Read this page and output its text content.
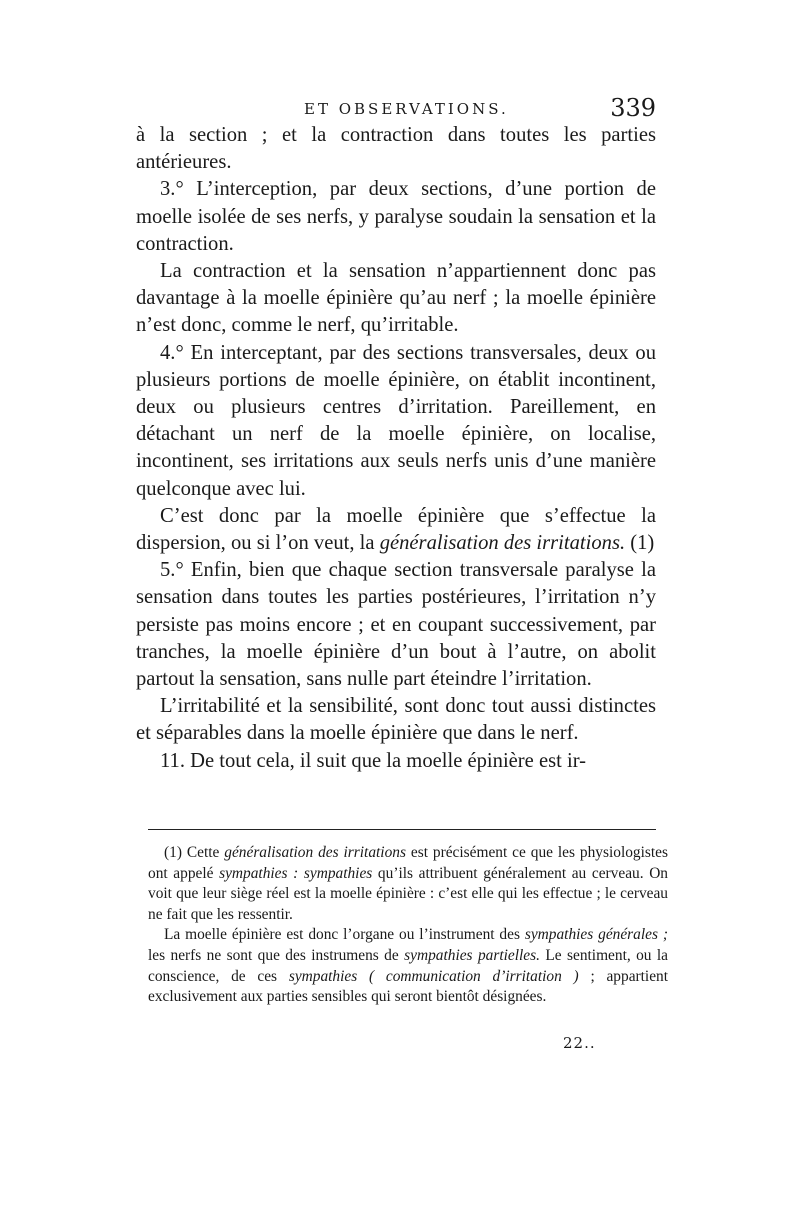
ET OBSERVATIONS.	339

à la section ; et la contraction dans toutes les parties antérieures.

3.° L’interception, par deux sections, d’une portion de moelle isolée de ses nerfs, y paralyse soudain la sensation et la contraction.

La contraction et la sensation n’appartiennent donc pas davantage à la moelle épinière qu’au nerf ; la moelle épinière n’est donc, comme le nerf, qu’irritable.

4.° En interceptant, par des sections transversales, deux ou plusieurs portions de moelle épinière, on établit incontinent, deux ou plusieurs centres d’irritation. Pareillement, en détachant un nerf de la moelle épinière, on localise, incontinent, ses irritations aux seuls nerfs unis d’une manière quelconque avec lui.

C’est donc par la moelle épinière que s’effectue la dispersion, ou si l’on veut, la généralisation des irritations. (1)

5.° Enfin, bien que chaque section transversale paralyse la sensation dans toutes les parties postérieures, l’irritation n’y persiste pas moins encore ; et en coupant successivement, par tranches, la moelle épinière d’un bout à l’autre, on abolit partout la sensation, sans nulle part éteindre l’irritation.

L’irritabilité et la sensibilité, sont donc tout aussi distinctes et séparables dans la moelle épinière que dans le nerf.

11. De tout cela, il suit que la moelle épinière est ir-

(1) Cette généralisation des irritations est précisément ce que les physiologistes ont appelé sympathies : sympathies qu’ils attribuent généralement au cerveau. On voit que leur siège réel est la moelle épinière : c’est elle qui les effectue ; le cerveau ne fait que les ressentir.

La moelle épinière est donc l’organe ou l’instrument des sympathies générales ; les nerfs ne sont que des instrumens de sympathies partielles. Le sentiment, ou la conscience, de ces sympathies ( communication d’irritation ) ; appartient exclusivement aux parties sensibles qui seront bientôt désignées.

22..
